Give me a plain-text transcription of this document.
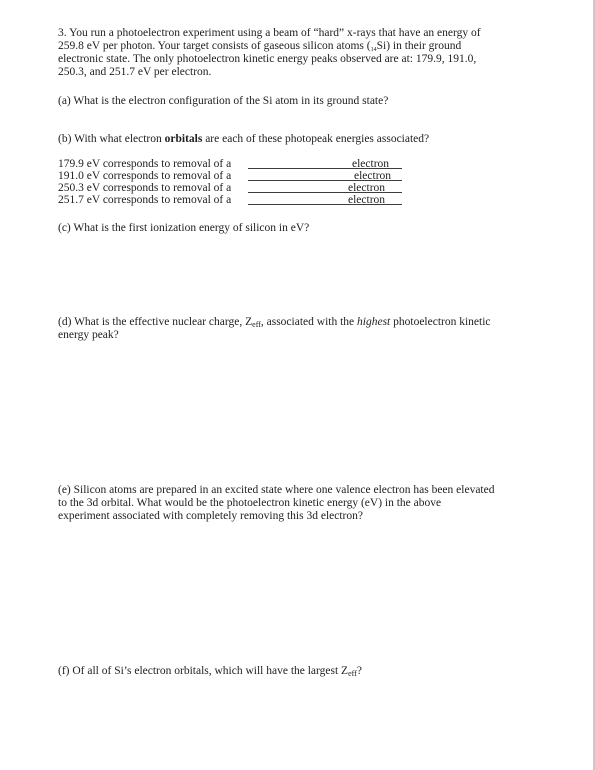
3. You run a photoelectron experiment using a beam of “hard” x-rays that have an energy of
259.8 eV per photon. Your target consists of gaseous silicon atoms $(_{14}Si)$ in their ground
electronic state. The only photoelectron kinetic energy peaks observed are at: 179.9, 191.0,
250.3, and 251.7 eV per electron.
(a) What is the electron configuration of the Si atom in its ground state?
(b) With what electron orbitals are each of these photopeak energies associated?
179.9 eV corresponds to removal of a	electron
191.0 eV corresponds to removal of a	electron
250.3 eV corresponds to removal of a	electron
251.7 eV corresponds to removal of a	electron
(c) What is the first ionization energy of silicon in eV?
(d) What is the effective nuclear charge, $Z_{eff}$, associated with the highest photoelectron kinetic
energy peak?
(e) Silicon atoms are prepared in an excited state where one valence electron has been elevated
to the 3d orbital. What would be the photoelectron kinetic energy (eV) in the above
experiment associated with completely removing this 3d electron?
(f) Of all of Si’s electron orbitals, which will have the largest $Z_{eff}$?
